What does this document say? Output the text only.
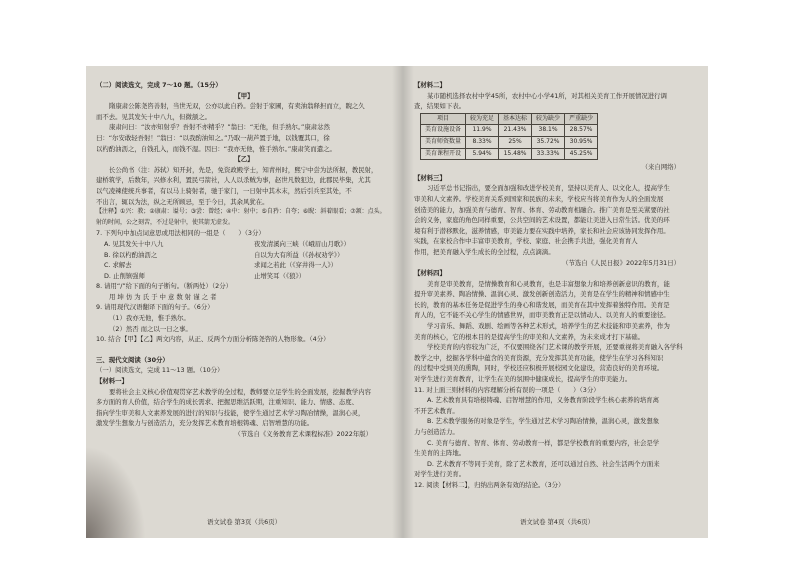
（二）阅读选文，完成 7～10 题。（15分）
【甲】
隋康肃公陈尧咨善射，当世无双，公亦以此自矜。尝射于家圃，有卖油翁释担而立，睨之久
而不去。见其发矢十中八九，但微颔之。
康肃问曰：“汝亦知射乎？吾射不亦精乎？”翁曰：“无他，但手熟尔。”康肃忿然
曰：“尔安敢轻吾射！”翁曰：“以我酌油知之。”乃取一葫芦置于地，以钱覆其口，徐
以杓酌油沥之，自钱孔入，而钱不湿。因曰：“我亦无他，惟手熟尔。”康肃笑而遣之。
【乙】
长公尚书（注：苏轼）知开封，先是，免资政殿学士，知青州时，熙宁中尝为法所据，教民射，
建桥筑学，后数年，兴修水利，置民弓箭社，人人以杀贼为事，赵世凡数犯边，此郡民毕集，尤其
以气凌辣使统兵事者，有以马上骑射者，驰于家门，一日射中其木末，然后引兵至其处，不
不出言，辄以为法，纵之无所顾忌，至于今日，其余风犹在。
【注释】①兴：教；②康肃：谥号；③尝：曾经；④中：射中；⑤自矜：自夸；⑥睨：斜着眼看；⑦颔：点头。
射的时间，公之刻苦，不过是射中，使其箭无虚发。
7. 下列句中加点词意思或用法相同的一组是（　　）（3分）
A. 见其发矢十中八九	夜发清溪向三峡（《峨眉山月歌》）
B. 徐以杓酌油沥之	自以为大有所益（《孙权劝学》）
C. 求解去	求闻之若此（《穿井得一人》）
D. 止削镇强师	止增笑耳（《狼》）
8. 请用“/”给下面的句子断句。（断两处）（2分）
用 坤 仿 为 氏 于 中 意 数 射 谨 之 者
9. 请用现代汉语翻译下面的句子。（6分）
（1）我亦无他，惟手熟尔。
（2）然否 而之以一日之事。
10. 结合【甲】【乙】两文内容，从正、反两个方面分析陈尧咨的人物形象。（4分）
三、现代文阅读（30分）
（一）阅读选文，完成 11～13 题。（10分）
【材料一】
要将社会主义核心价值观贯穿艺术教学的全过程，教师要立足学生的全面发展，挖掘教学内容
多方面的育人价值，结合学生的成长需求、把握思维活跃期，注重知识、能力、情感、态度、
指向学生审美和人文素养发展的进行的知识与技能，使学生通过艺术学习陶冶情操，温润心灵，
激发学生想象力与创造活力，充分发挥艺术教育培根铸魂、启智增慧的功能。
（节选自《义务教育艺术课程标准》2022年版）
语文试卷 第3页（共6页）
【材料二】
某市随机选择农村中学45所，农村中心小学41所，对其相关美育工作开展情况进行调
查，结果如下表。
项目	较为充足	基本达标	较为缺少	严重缺少
美育设施设备	11.9%	21.43%	38.1%	28.57%
美育师资数量	8.33%	25%	35.72%	30.95%
美育课程开设	5.94%	15.48%	33.33%	45.25%
（来自网络）
【材料三】
习近平总书记指出，要全面加强和改进学校美育，坚持以美育人、以文化人，提高学生
审美和人文素养。学校美育关系到国家和民族的未来，学校应当将美育作为人的全面发展
创造美的能力，加强美育与德育、智育、体育、劳动教育相融合。推广美育是至关紧要的社
会的义务，家庭的角色同样重要，公共空间的艺术设置，都能让美进入日常生活。优美的环
境有利于潜移默化，滋养情感，审美能力要在实践中培养，家长和社会应该协同发挥作用。
实践，在家校合作中丰富审美教育，学校、家庭、社会携手共进，强化美育育人
作用，把美育融入学生成长的全过程，点点滴滴。
（节选自《人民日报》2022年5月31日）
【材料四】
美育是审美教育，是情操教育和心灵教育，也是丰富想象力和培养创新意识的教育，能
提升审美素养、陶冶情操、温润心灵、激发创新创造活力，美育是在学生的精神和情感中生
长的，教育的基本任务是促进学生的身心和谐发展，而美育在其中发挥着独特作用。美育是
育人的，它不能不关心学生的情感世界，而审美教育正是以情动人、以美育人的重要途径。
学习音乐、舞蹈、戏剧、绘画等各种艺术形式，培养学生的艺术技能和审美素养，作为
美育的核心，它的根本目的是提高学生的审美和人文素养，为未来成才打下基础。
学校美育的内容较为广泛，不仅要围绕各门艺术课的教学开展，还要重视将美育融入各学科
教学之中，挖掘各学科中蕴含的美育资源，充分发挥其美育功能，使学生在学习各科知识
的过程中受到美的熏陶，同时，学校还应积极开展校园文化建设，营造良好的美育环境。
对学生进行美育教育，让学生在美的氛围中健康成长，提高学生的审美能力。
11. 对上面三则材料的内容理解分析有误的一项是（　　）（3分）
A. 艺术教育具有培根铸魂、启智增慧的作用，义务教育阶段学生核心素养的培育离
不开艺术教育。
B. 艺术教学服务的对象是学生，学生通过艺术学习陶冶情操，温润心灵，激发想象
力与创造活力。
C. 美育与德育、智育、体育、劳动教育一样，都是学校教育的重要内容，社会是学
生美育的主阵地。
D. 艺术教育不等同于美育，除了艺术教育，还可以通过自然、社会生活两个方面来
对学生进行美育。
12. 阅读【材料二】，归纳出两条有效的结论。（3分）
语文试卷 第4页（共6页）
